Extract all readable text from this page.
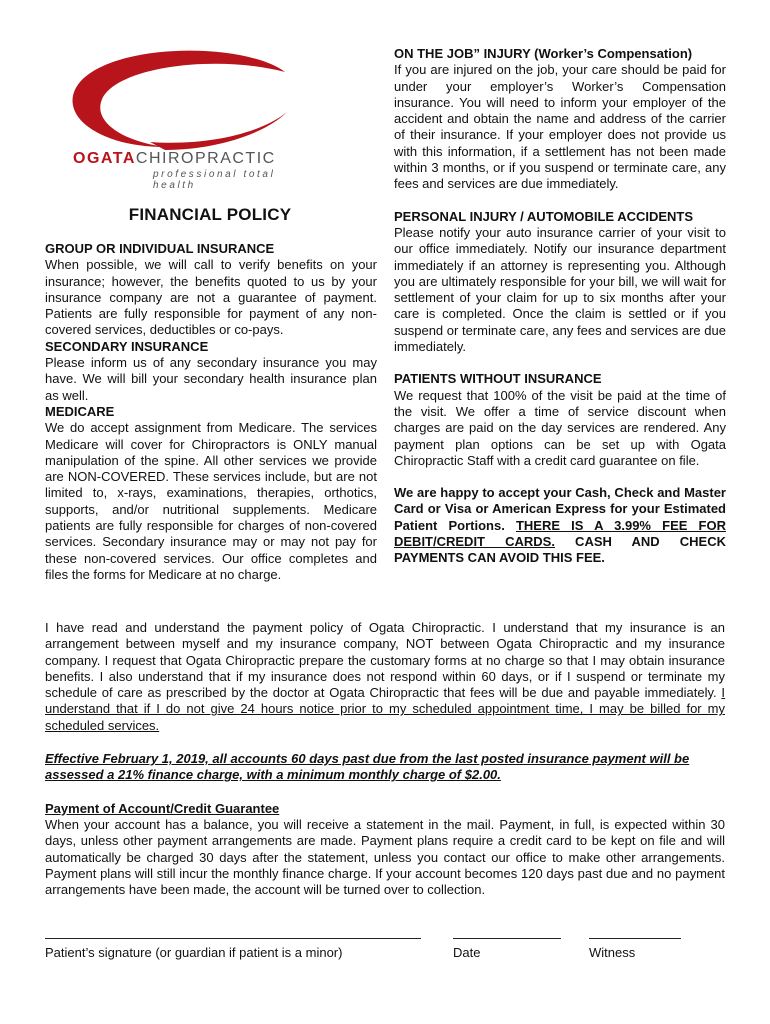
OGATACHIROPRACTIC
professional total health
FINANCIAL POLICY
GROUP OR INDIVIDUAL INSURANCE
When possible, we will call to verify benefits on your insurance; however, the benefits quoted to us by your insurance company are not a guarantee of payment. Patients are fully responsible for payment of any non-covered services, deductibles or co-pays.
SECONDARY INSURANCE
Please inform us of any secondary insurance you may have. We will bill your secondary health insurance plan as well.
MEDICARE
We do accept assignment from Medicare. The services Medicare will cover for Chiropractors is ONLY manual manipulation of the spine. All other services we provide are NON-COVERED. These services include, but are not limited to, x-rays, examinations, therapies, orthotics, supports, and/or nutritional supplements. Medicare patients are fully responsible for charges of non-covered services. Secondary insurance may or may not pay for these non-covered services. Our office completes and files the forms for Medicare at no charge.
ON THE JOB” INJURY (Worker’s Compensation)
If you are injured on the job, your care should be paid for under your employer’s Worker’s Compensation insurance. You will need to inform your employer of the accident and obtain the name and address of the carrier of their insurance. If your employer does not provide us with this information, if a settlement has not been made within 3 months, or if you suspend or terminate care, any fees and services are due immediately.
PERSONAL INJURY / AUTOMOBILE ACCIDENTS
Please notify your auto insurance carrier of your visit to our office immediately. Notify our insurance department immediately if an attorney is representing you. Although you are ultimately responsible for your bill, we will wait for settlement of your claim for up to six months after your care is completed. Once the claim is settled or if you suspend or terminate care, any fees and services are due immediately.
PATIENTS WITHOUT INSURANCE
We request that 100% of the visit be paid at the time of the visit. We offer a time of service discount when charges are paid on the day services are rendered. Any payment plan options can be set up with Ogata Chiropractic Staff with a credit card guarantee on file.
We are happy to accept your Cash, Check and Master Card or Visa or American Express for your Estimated Patient Portions. THERE IS A 3.99% FEE FOR DEBIT/CREDIT CARDS. CASH AND CHECK PAYMENTS CAN AVOID THIS FEE.

I have read and understand the payment policy of Ogata Chiropractic. I understand that my insurance is an arrangement between myself and my insurance company, NOT between Ogata Chiropractic and my insurance company. I request that Ogata Chiropractic prepare the customary forms at no charge so that I may obtain insurance benefits. I also understand that if my insurance does not respond within 60 days, or if I suspend or terminate my schedule of care as prescribed by the doctor at Ogata Chiropractic that fees will be due and payable immediately. I understand that if I do not give 24 hours notice prior to my scheduled appointment time, I may be billed for my scheduled services.

Effective February 1, 2019, all accounts 60 days past due from the last posted insurance payment will be assessed a 21% finance charge, with a minimum monthly charge of $2.00.

Payment of Account/Credit Guarantee

When your account has a balance, you will receive a statement in the mail. Payment, in full, is expected within 30 days, unless other payment arrangements are made. Payment plans require a credit card to be kept on file and will automatically be charged 30 days after the statement, unless you contact our office to make other arrangements. Payment plans will still incur the monthly finance charge. If your account becomes 120 days past due and no payment arrangements have been made, the account will be turned over to collection.

Patient’s signature (or guardian if patient is a minor)	Date	Witness
